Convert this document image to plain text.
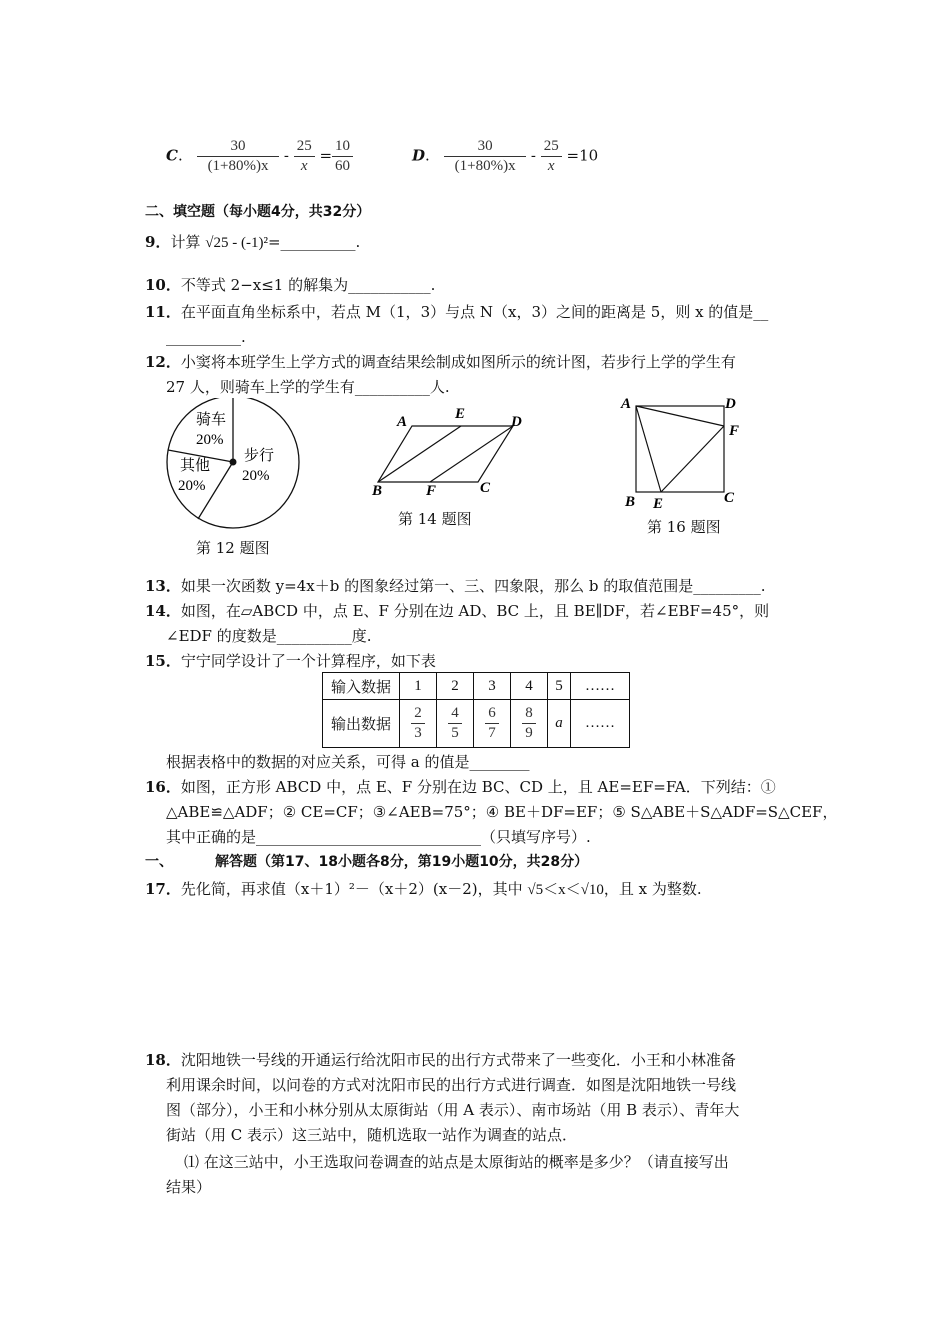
C. $\frac{30}{(1+80\%)x} - \frac{25}{x} = \frac{10}{60}$	D. $\frac{30}{(1+80\%)x} - \frac{25}{x} =10$
二、填空题（每小题4分，共32分）
9．计算 √25 - (-1)²=__________.
10．不等式 2−x≤1 的解集为___________.
11．在平面直角坐标系中，若点 M（1，3）与点 N（x，3）之间的距离是 5，则 x 的值是__
__________.
12．小窦将本班学生上学方式的调查结果绘制成如图所示的统计图，若步行上学的学生有
27 人，则骑车上学的学生有__________人.
骑车
20%
步行
20%
其他
20%
第 12 题图
A	E	D
B	F	C
第 14 题图
A	D
F
B E	C
第 16 题图
13．如果一次函数 y=4x＋b 的图象经过第一、三、四象限，那么 b 的取值范围是_________.
14．如图，在▱ABCD 中，点 E、F 分别在边 AD、BC 上，且 BE∥DF，若∠EBF=45°，则
∠EDF 的度数是__________度.
15．宁宁同学设计了一个计算程序，如下表
输入数据	1	2	3	4	5	……
输出数据	$\frac{2}{3}$	$\frac{4}{5}$	$\frac{6}{7}$	$\frac{8}{9}$	a	……
根据表格中的数据的对应关系，可得 a 的值是________
16．如图，正方形 ABCD 中，点 E、F 分别在边 BC、CD 上，且 AE=EF=FA．下列结：①
△ABE≌△ADF；② CE=CF；③∠AEB=75°；④ BE＋DF=EF；⑤ S△ABE＋S△ADF=S△CEF，
其中正确的是______________________________（只填写序号）.
一、	解答题（第17、18小题各8分，第19小题10分，共28分）
17．先化简，再求值（x＋1）²－（x＋2）(x－2)，其中 √5＜x＜√10，且 x 为整数.
18．沈阳地铁一号线的开通运行给沈阳市民的出行方式带来了一些变化．小王和小林准备
利用课余时间，以问卷的方式对沈阳市民的出行方式进行调查．如图是沈阳地铁一号线
图（部分），小王和小林分别从太原街站（用 A 表示）、南市场站（用 B 表示）、青年大
街站（用 C 表示）这三站中，随机选取一站作为调查的站点．
⑴ 在这三站中，小王选取问卷调查的站点是太原街站的概率是多少？（请直接写出
结果）
